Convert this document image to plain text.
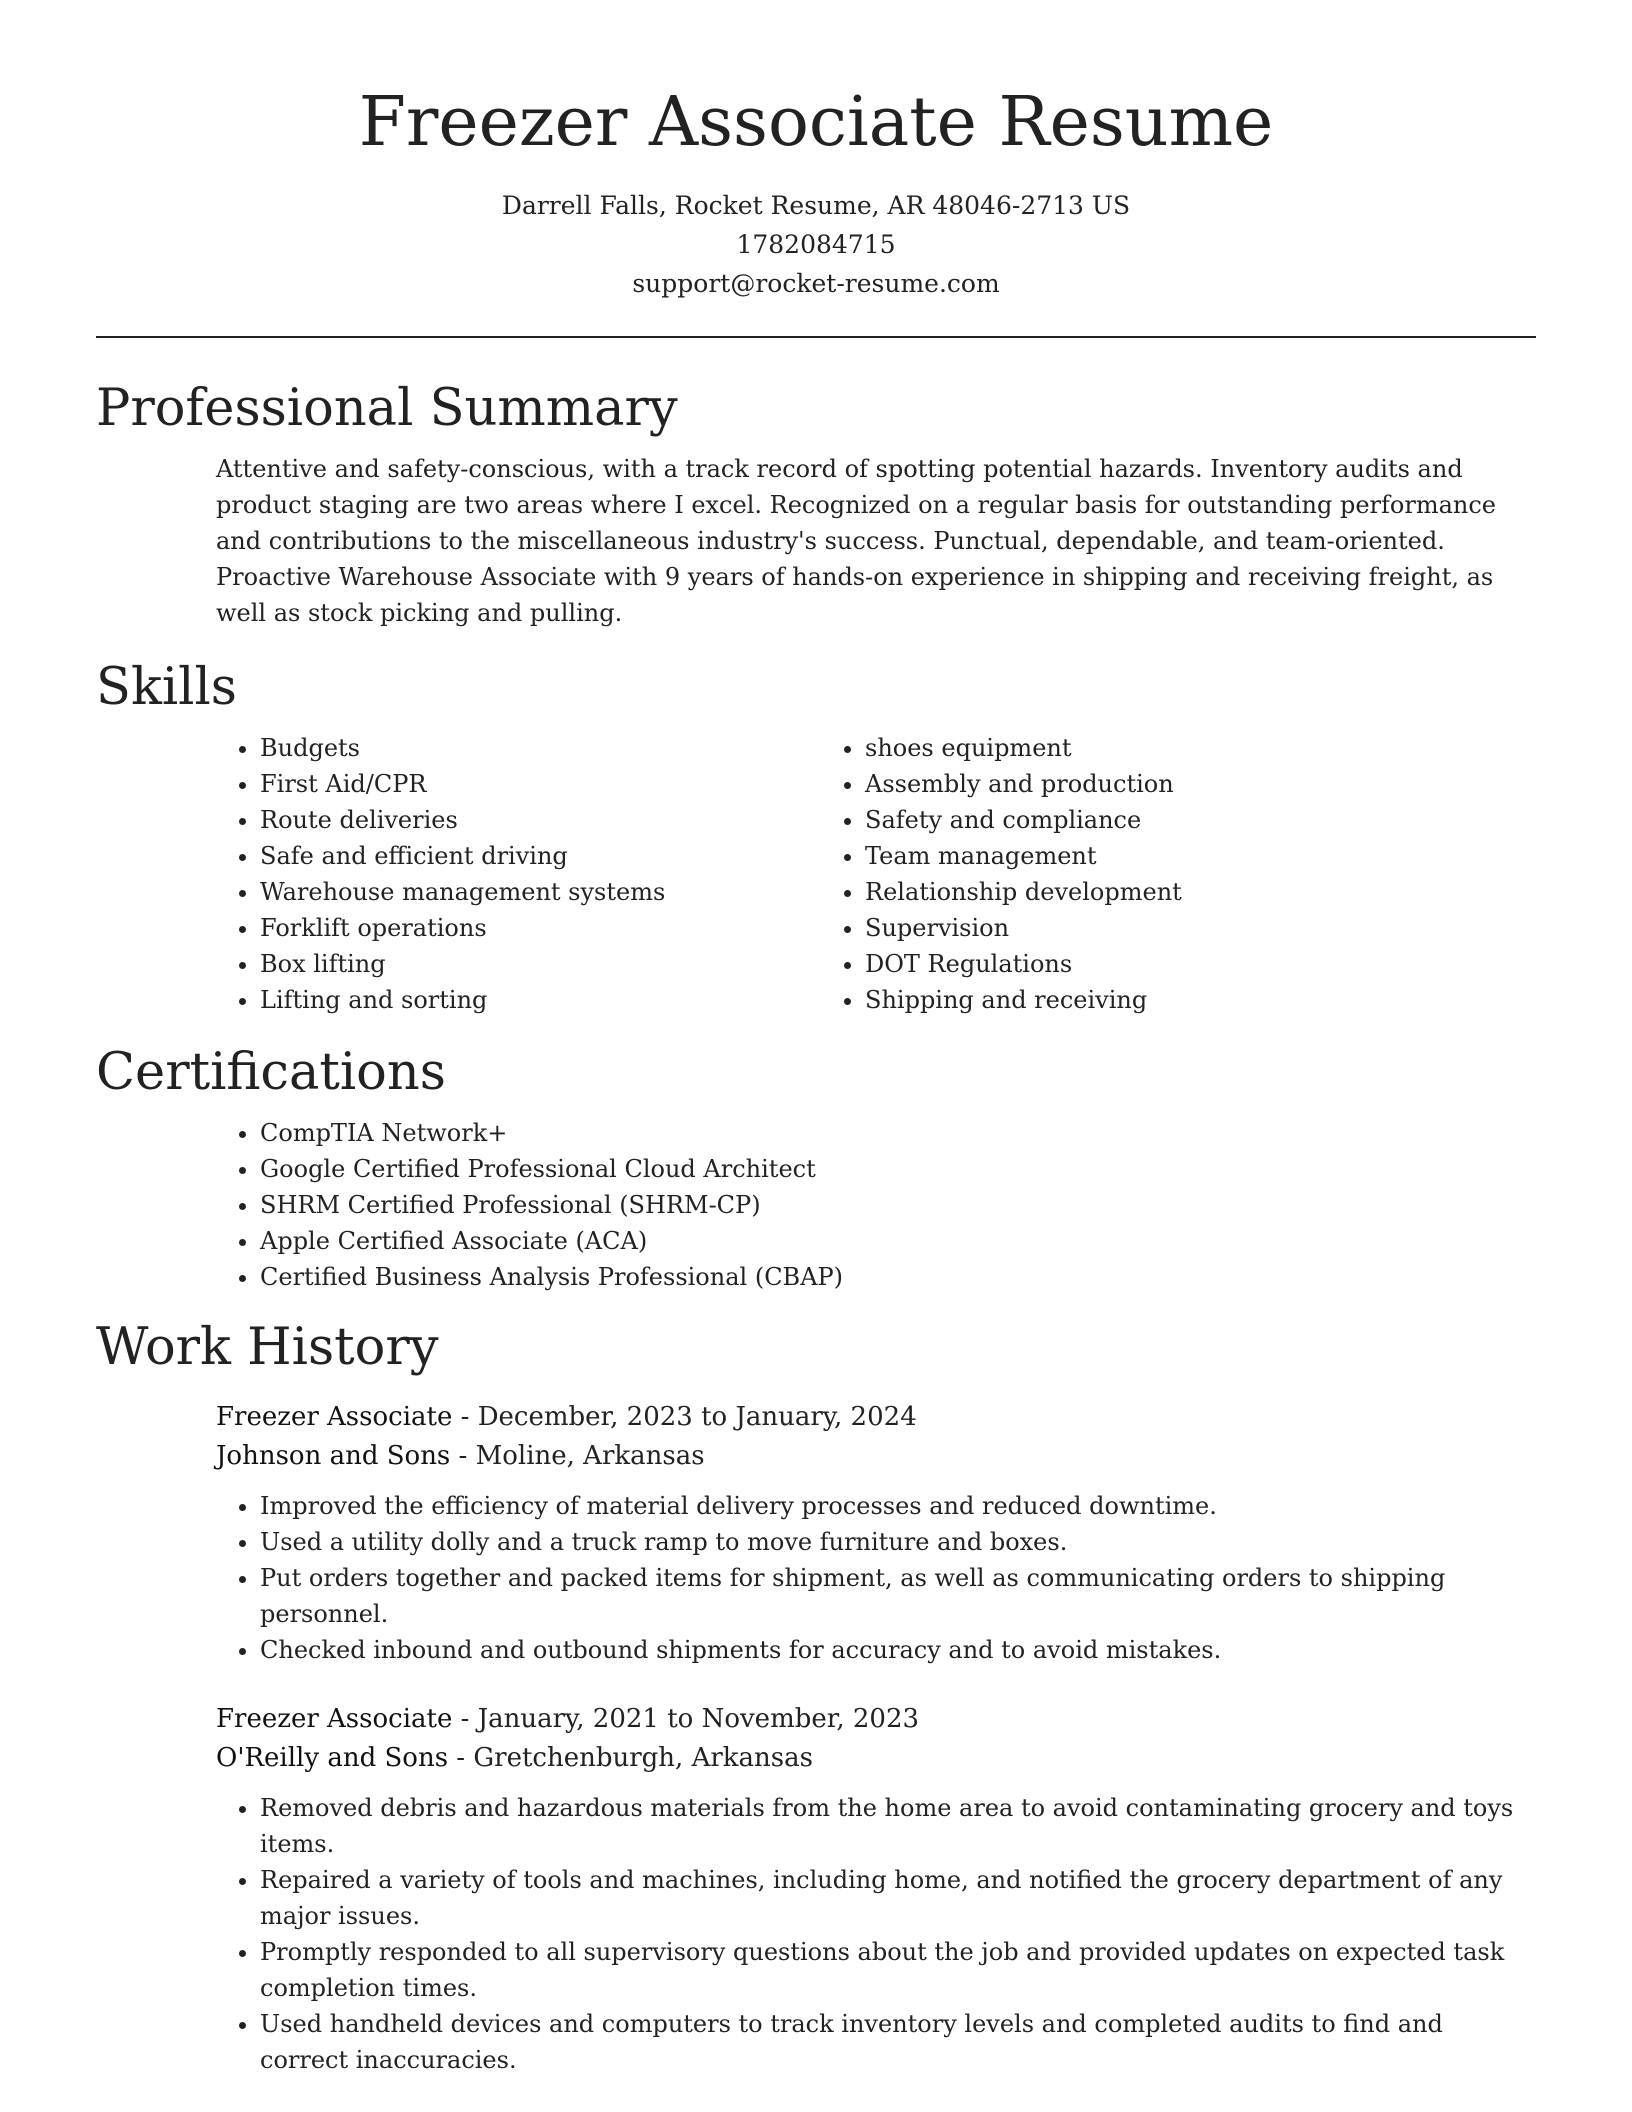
Freezer Associate Resume
Darrell Falls, Rocket Resume, AR 48046-2713 US
1782084715
support@rocket-resume.com
Professional Summary

Attentive and safety-conscious, with a track record of spotting potential hazards. Inventory audits and product staging are two areas where I excel. Recognized on a regular basis for outstanding performance and contributions to the miscellaneous industry's success. Punctual, dependable, and team-oriented. Proactive Warehouse Associate with 9 years of hands-on experience in shipping and receiving freight, as well as stock picking and pulling.

Skills
• Budgets
• First Aid/CPR
• Route deliveries
• Safe and efficient driving
• Warehouse management systems
• Forklift operations
• Box lifting
• Lifting and sorting
• shoes equipment
• Assembly and production
• Safety and compliance
• Team management
• Relationship development
• Supervision
• DOT Regulations
• Shipping and receiving
Certifications
• CompTIA Network+
• Google Certified Professional Cloud Architect
• SHRM Certified Professional (SHRM-CP)
• Apple Certified Associate (ACA)
• Certified Business Analysis Professional (CBAP)
Work History
Freezer Associate - December, 2023 to January, 2024
Johnson and Sons - Moline, Arkansas
• Improved the efficiency of material delivery processes and reduced downtime.
• Used a utility dolly and a truck ramp to move furniture and boxes.
• Put orders together and packed items for shipment, as well as communicating orders to shipping personnel.
• Checked inbound and outbound shipments for accuracy and to avoid mistakes.
Freezer Associate - January, 2021 to November, 2023
O'Reilly and Sons - Gretchenburgh, Arkansas
• Removed debris and hazardous materials from the home area to avoid contaminating grocery and toys items.
• Repaired a variety of tools and machines, including home, and notified the grocery department of any major issues.
• Promptly responded to all supervisory questions about the job and provided updates on expected task completion times.
• Used handheld devices and computers to track inventory levels and completed audits to find and correct inaccuracies.
